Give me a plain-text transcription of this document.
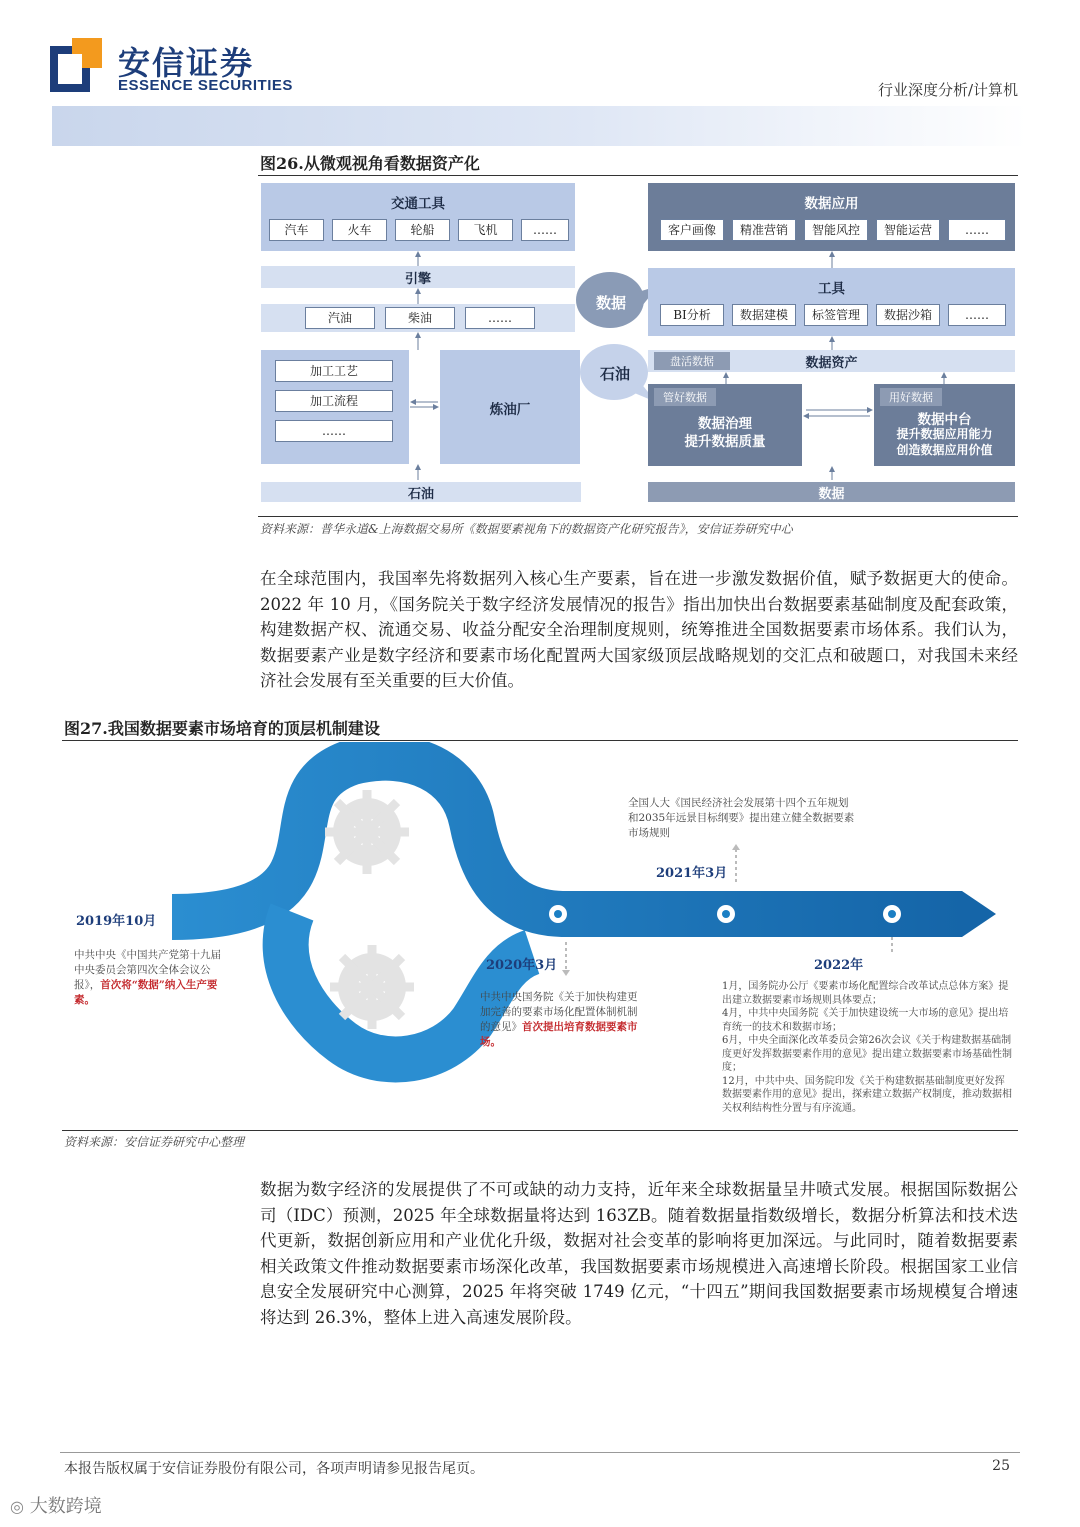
安信证券
ESSENCE SECURITIES	行业深度分析/计算机
图26.从微观视角看数据资产化
交通工具
汽车	火车	轮船	飞机	……
引擎
汽油	柴油	……
加工工艺
加工流程
……
炼油厂
石油
数据
石油
数据应用
客户画像	精准营销	智能风控	智能运营	……
工具
BI分析	数据建模	标签管理	数据沙箱	……
数据资产
盘活数据
管好数据
数据治理
提升数据质量
用好数据
数据中台
提升数据应用能力
创造数据应用价值
数据
资料来源：普华永道&上海数据交易所《数据要素视角下的数据资产化研究报告》，安信证券研究中心
在全球范围内，我国率先将数据列入核心生产要素，旨在进一步激发数据价值，赋予数据更大的使命。2022 年 10 月，《国务院关于数字经济发展情况的报告》指出加快出台数据要素基础制度及配套政策，构建数据产权、流通交易、收益分配安全治理制度规则，统筹推进全国数据要素市场体系。我们认为，数据要素产业是数字经济和要素市场化配置两大国家级顶层战略规划的交汇点和破题口，对我国未来经济社会发展有至关重要的巨大价值。
图27.我国数据要素市场培育的顶层机制建设
2019年10月
中共中央《中国共产党第十九届中央委员会第四次全体会议公报》，首次将“数据”纳入生产要素。
2020年3月
中共中央国务院《关于加快构建更加完善的要素市场化配置体制机制的意见》首次提出培育数据要素市场。
全国人大《国民经济社会发展第十四个五年规划和2035年远景目标纲要》提出建立健全数据要素市场规则
2021年3月
2022年
1月，国务院办公厅《要素市场化配置综合改革试点总体方案》提出建立数据要素市场规则具体要点；
4月，中共中央国务院《关于加快建设统一大市场的意见》提出培育统一的技术和数据市场；
6月，中央全面深化改革委员会第26次会议《关于构建数据基础制度更好发挥数据要素作用的意见》提出建立数据要素市场基础性制度；
12月，中共中央、国务院印发《关于构建数据基础制度更好发挥数据要素作用的意见》提出，探索建立数据产权制度，推动数据相关权利结构性分置与有序流通。
资料来源：安信证券研究中心整理
数据为数字经济的发展提供了不可或缺的动力支持，近年来全球数据量呈井喷式发展。根据国际数据公司（IDC）预测，2025 年全球数据量将达到 163ZB。随着数据量指数级增长，数据分析算法和技术迭代更新，数据创新应用和产业优化升级，数据对社会变革的影响将更加深远。与此同时，随着数据要素相关政策文件推动数据要素市场深化改革，我国数据要素市场规模进入高速增长阶段。根据国家工业信息安全发展研究中心测算，2025 年将突破 1749 亿元，“十四五”期间我国数据要素市场规模复合增速将达到 26.3%，整体上进入高速发展阶段。
本报告版权属于安信证券股份有限公司，各项声明请参见报告尾页。	25
◎ 大数跨境
